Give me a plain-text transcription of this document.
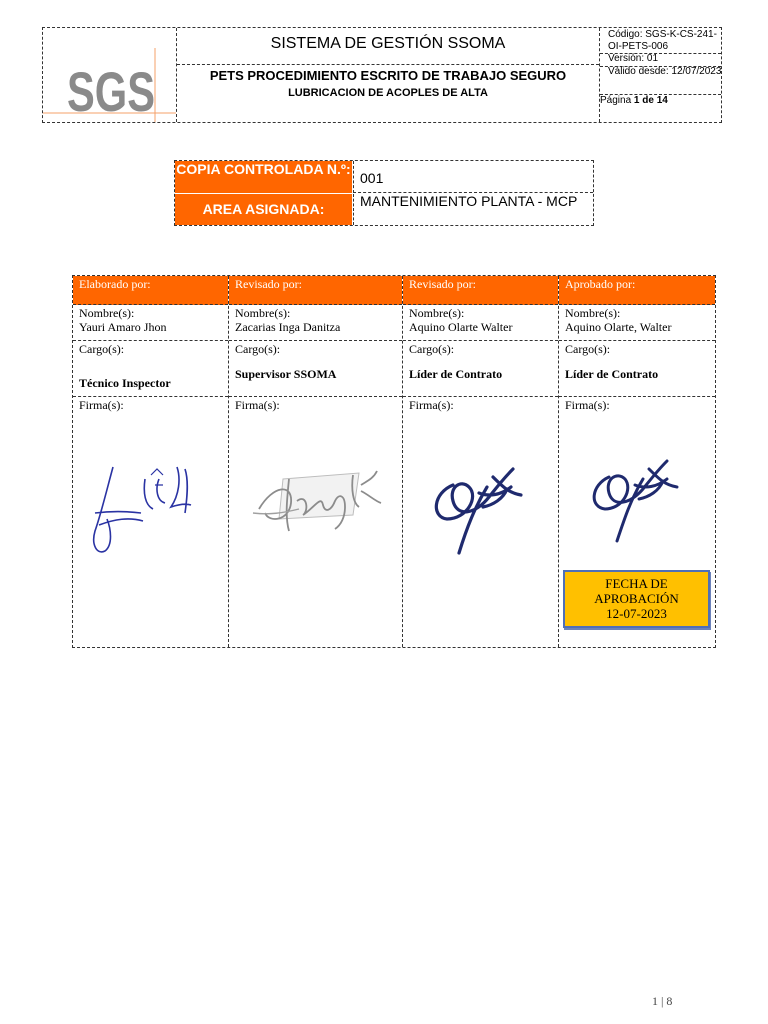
SGS
SISTEMA DE GESTIÓN SSOMA
PETS PROCEDIMIENTO ESCRITO DE TRABAJO SEGURO
LUBRICACION DE ACOPLES DE ALTA
Código: SGS-K-CS-241-OI-PETS-006
Versión: 01
Válido desde: 12/07/2023
Página 1 de 14
COPIA CONTROLADA N.º:
001
AREA ASIGNADA:	MANTENIMIENTO PLANTA - MCP
Elaborado por:
Nombre(s):
Yauri Amaro Jhon
Cargo(s):
Técnico Inspector
Firma(s):
Revisado por:
Nombre(s):
Zacarias Inga Danitza
Cargo(s):
Supervisor SSOMA
Firma(s):
Revisado por:
Nombre(s):
Aquino Olarte Walter
Cargo(s):
Líder de Contrato
Firma(s):
Aprobado por:
Nombre(s):
Aquino Olarte, Walter
Cargo(s):
Líder de Contrato
Firma(s):
FECHA DE
APROBACIÓN
12-07-2023
1 | 8
